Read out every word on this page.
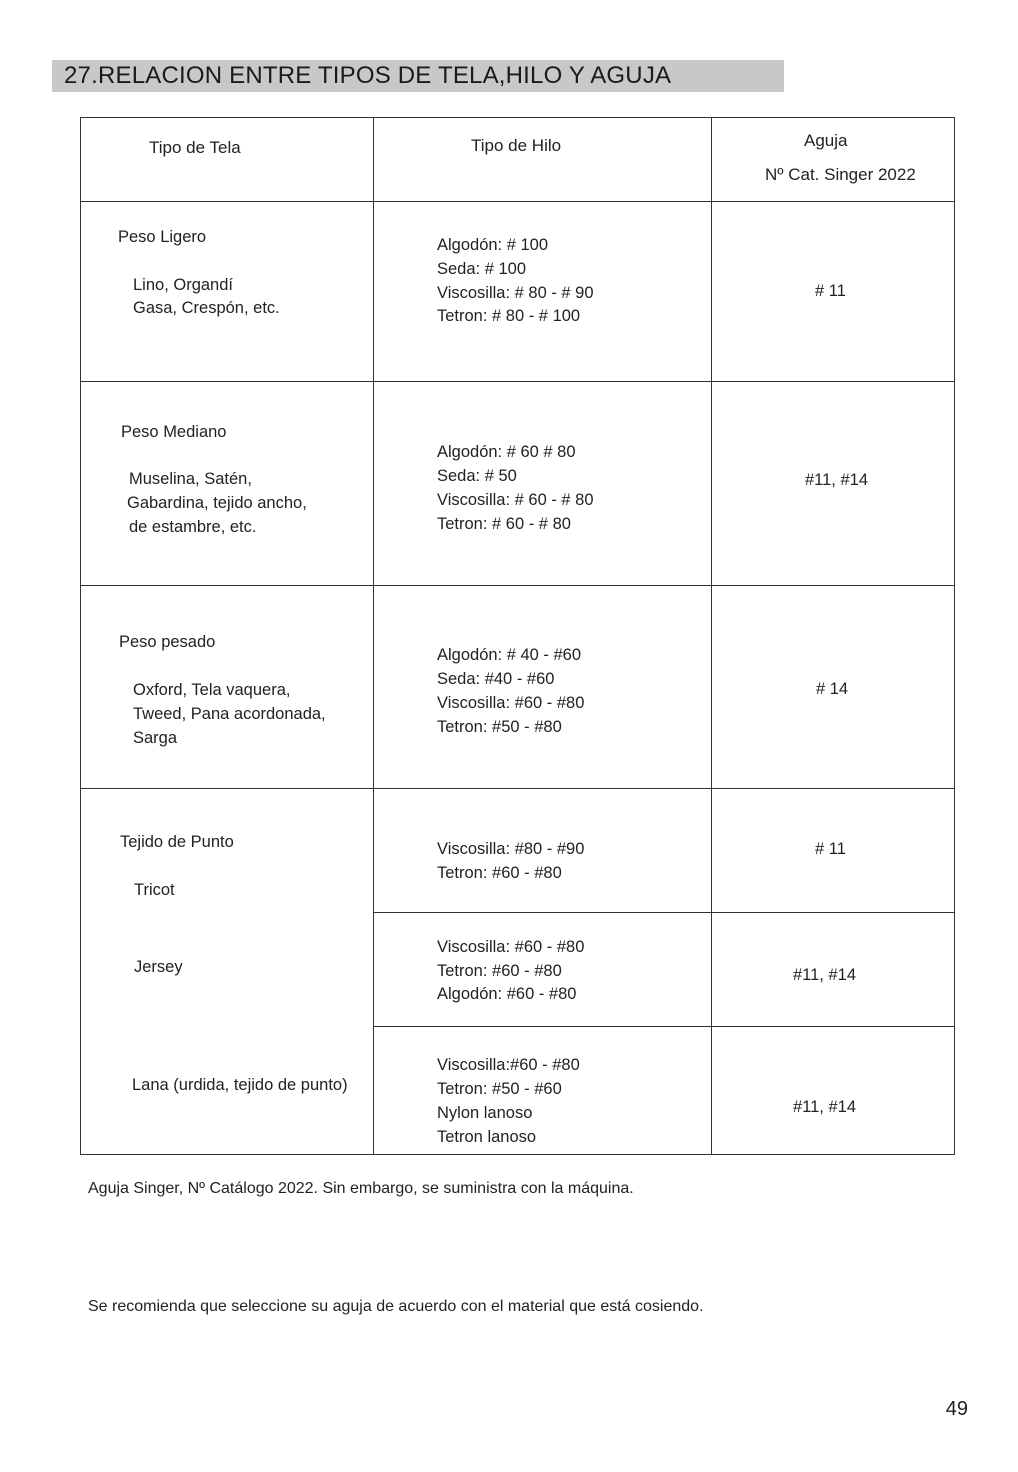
27.RELACION ENTRE TIPOS DE TELA,HILO Y AGUJA
Tipo de Tela	Tipo de Hilo	Aguja
Nº Cat. Singer 2022
Peso Ligero
Lino, Organdí
Gasa, Crespón, etc.
Algodón: # 100
Seda: # 100
Viscosilla: # 80 - # 90
Tetron: # 80 - # 100
# 11
Peso Mediano
Muselina, Satén,
Gabardina, tejido ancho,
de estambre, etc.
Algodón: # 60 # 80
Seda: # 50
Viscosilla: # 60 - # 80
Tetron: # 60 - # 80
#11, #14
Peso pesado
Oxford, Tela vaquera,
Tweed, Pana acordonada,
Sarga
Algodón: # 40 - #60
Seda: #40 - #60
Viscosilla: #60 - #80
Tetron: #50 - #80
# 14
Tejido de Punto
Tricot
Jersey
Lana (urdida, tejido de punto)
Viscosilla: #80 - #90
Tetron: #60 - #80
# 11
Viscosilla: #60 - #80
Tetron: #60 - #80
Algodón: #60 - #80
#11, #14
Viscosilla:#60 - #80
Tetron: #50 - #60
Nylon lanoso
Tetron lanoso
#11, #14
Aguja Singer, Nº Catálogo 2022. Sin embargo, se suministra con la máquina.
Se recomienda que seleccione su aguja de acuerdo con el material que está cosiendo.
49
